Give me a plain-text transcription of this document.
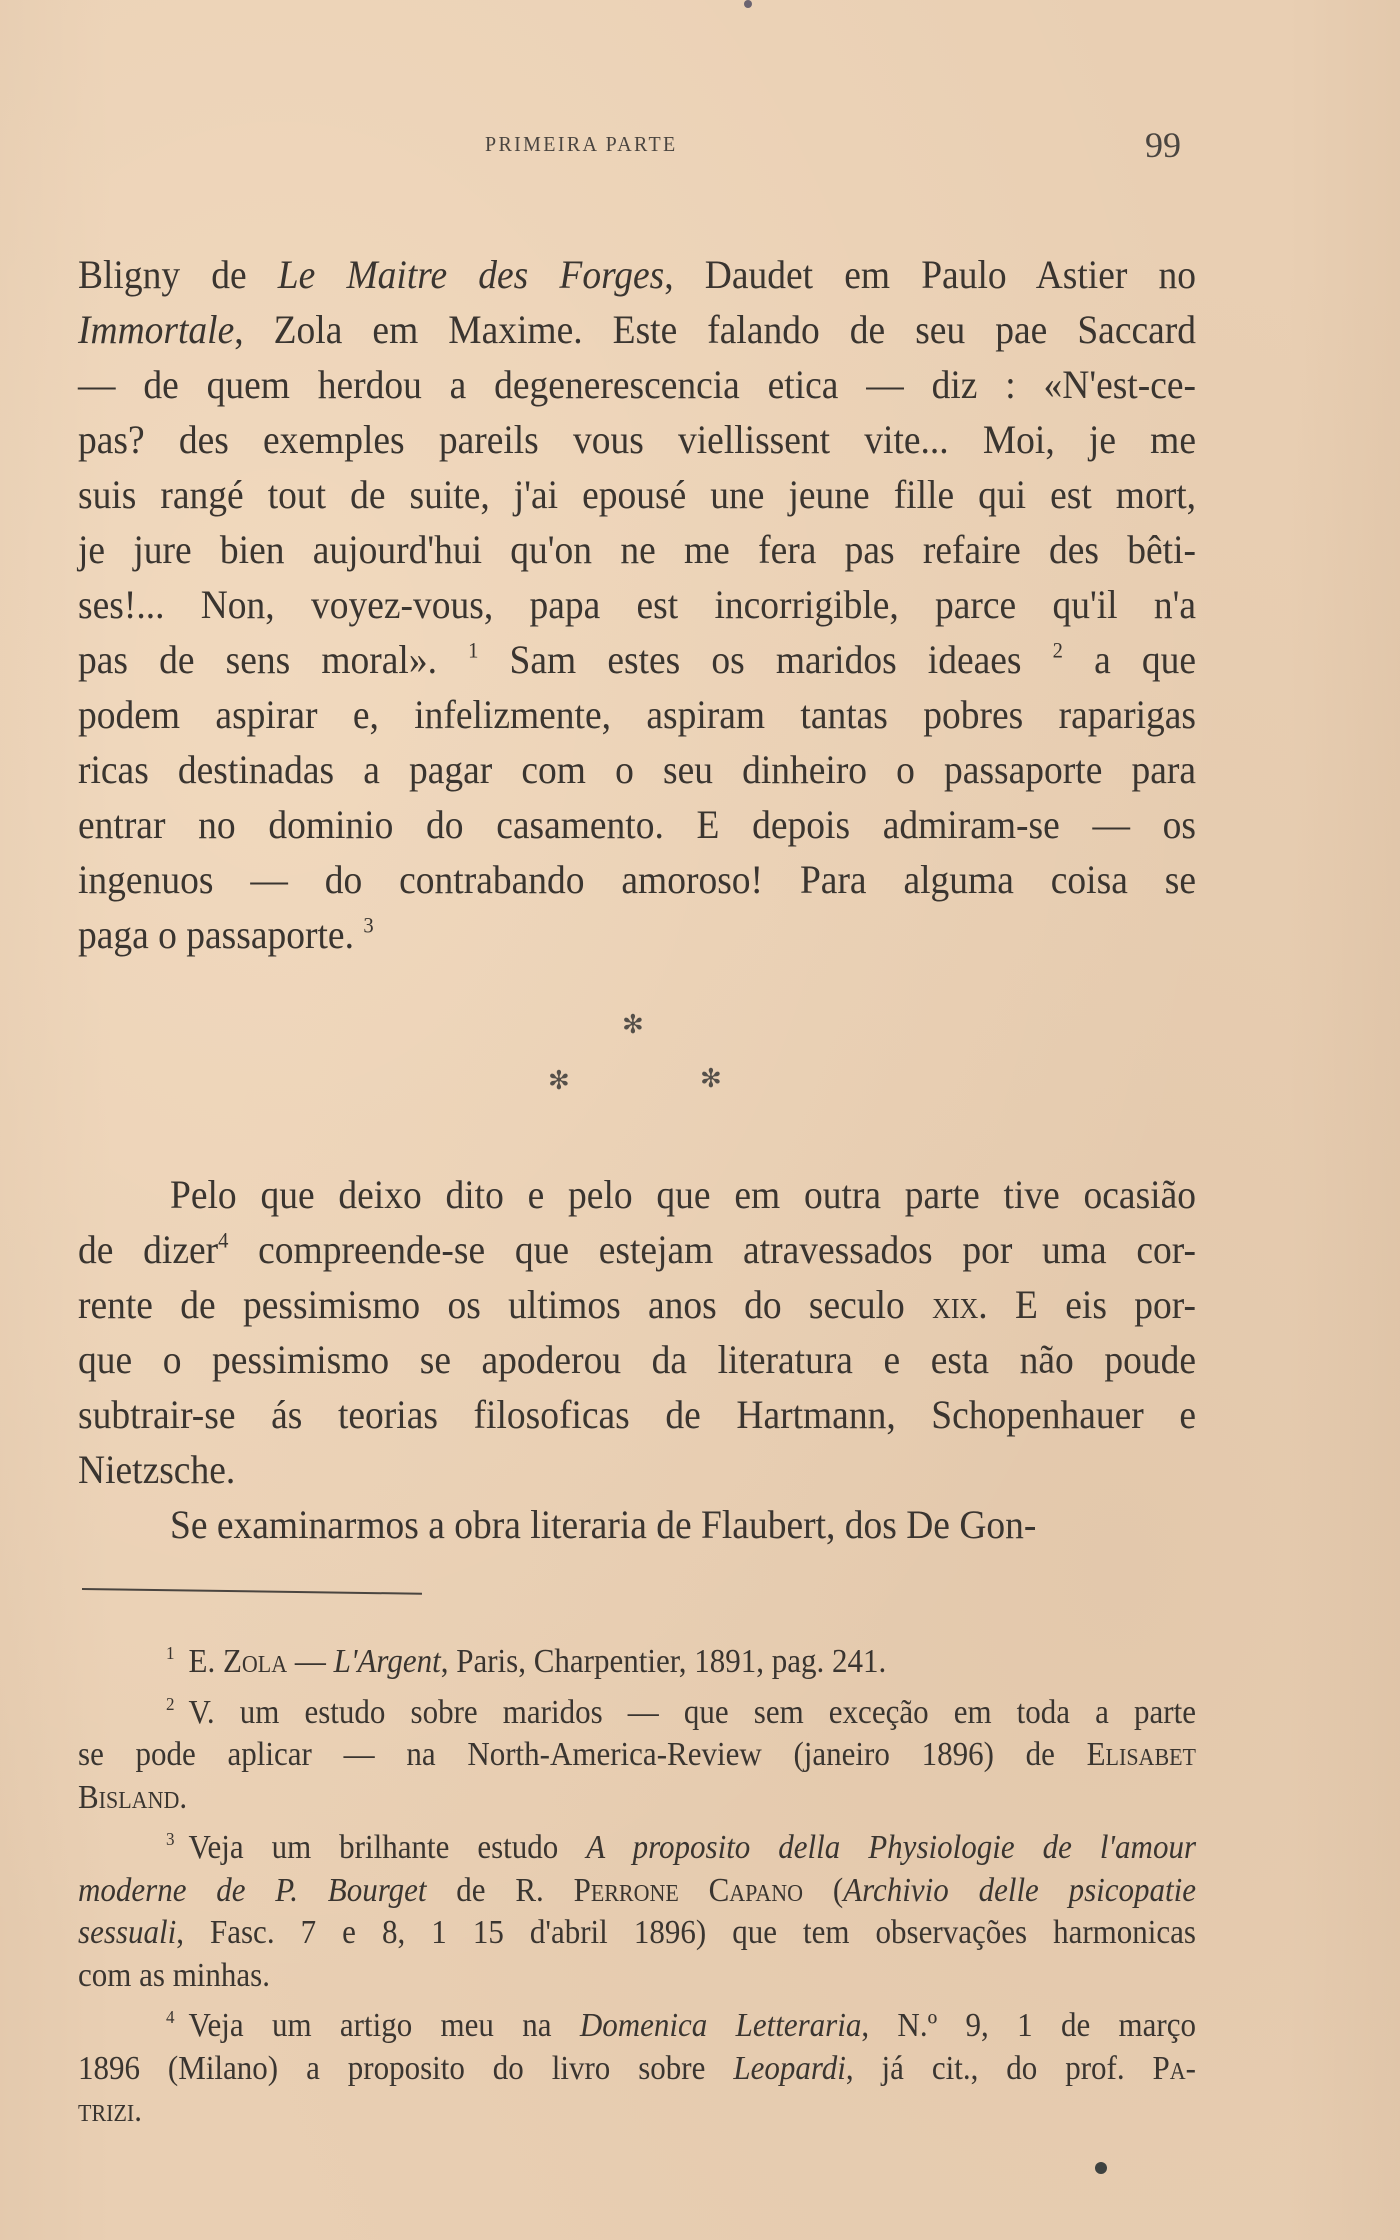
PRIMEIRA PARTE	99
Bligny de Le Maitre des Forges, Daudet em Paulo Astier no
Immortale, Zola em Maxime. Este falando de seu pae Saccard
— de quem herdou a degenerescencia etica — diz : «N'est-ce-
pas? des exemples pareils vous viellissent vite... Moi, je me
suis rangé tout de suite, j'ai epousé une jeune fille qui est mort,
je jure bien aujourd'hui qu'on ne me fera pas refaire des bêti-
ses!... Non, voyez-vous, papa est incorrigible, parce qu'il n'a
pas de sens moral». $^1$ Sam estes os maridos ideaes $^2$ a que
podem aspirar e, infelizmente, aspiram tantas pobres raparigas
ricas destinadas a pagar com o seu dinheiro o passaporte para
entrar no dominio do casamento. E depois admiram-se — os
ingenuos — do contrabando amoroso! Para alguma coisa se
paga o passaporte. $^3$
✻
✻	✻
Pelo que deixo dito e pelo que em outra parte tive ocasião
de dizer$^4$ compreende-se que estejam atravessados por uma cor-
rente de pessimismo os ultimos anos do seculo xix. E eis por-
que o pessimismo se apoderou da literatura e esta não poude
subtrair-se ás teorias filosoficas de Hartmann, Schopenhauer e
Nietzsche.
Se examinarmos a obra literaria de Flaubert, dos De Gon-
$^1$ E. Zola — L'Argent, Paris, Charpentier, 1891, pag. 241.
$^2$ V. um estudo sobre maridos — que sem exceção em toda a parte
se pode aplicar — na North-America-Review (janeiro 1896) de Elisabet
Bisland.
$^3$ Veja um brilhante estudo A proposito della Physiologie de l'amour
moderne de P. Bourget de R. Perrone Capano (Archivio delle psicopatie
sessuali, Fasc. 7 e 8, 1 15 d'abril 1896) que tem observações harmonicas
com as minhas.
$^4$ Veja um artigo meu na Domenica Letteraria, N.º 9, 1 de março
1896 (Milano) a proposito do livro sobre Leopardi, já cit., do prof. Pa-
trizi.
